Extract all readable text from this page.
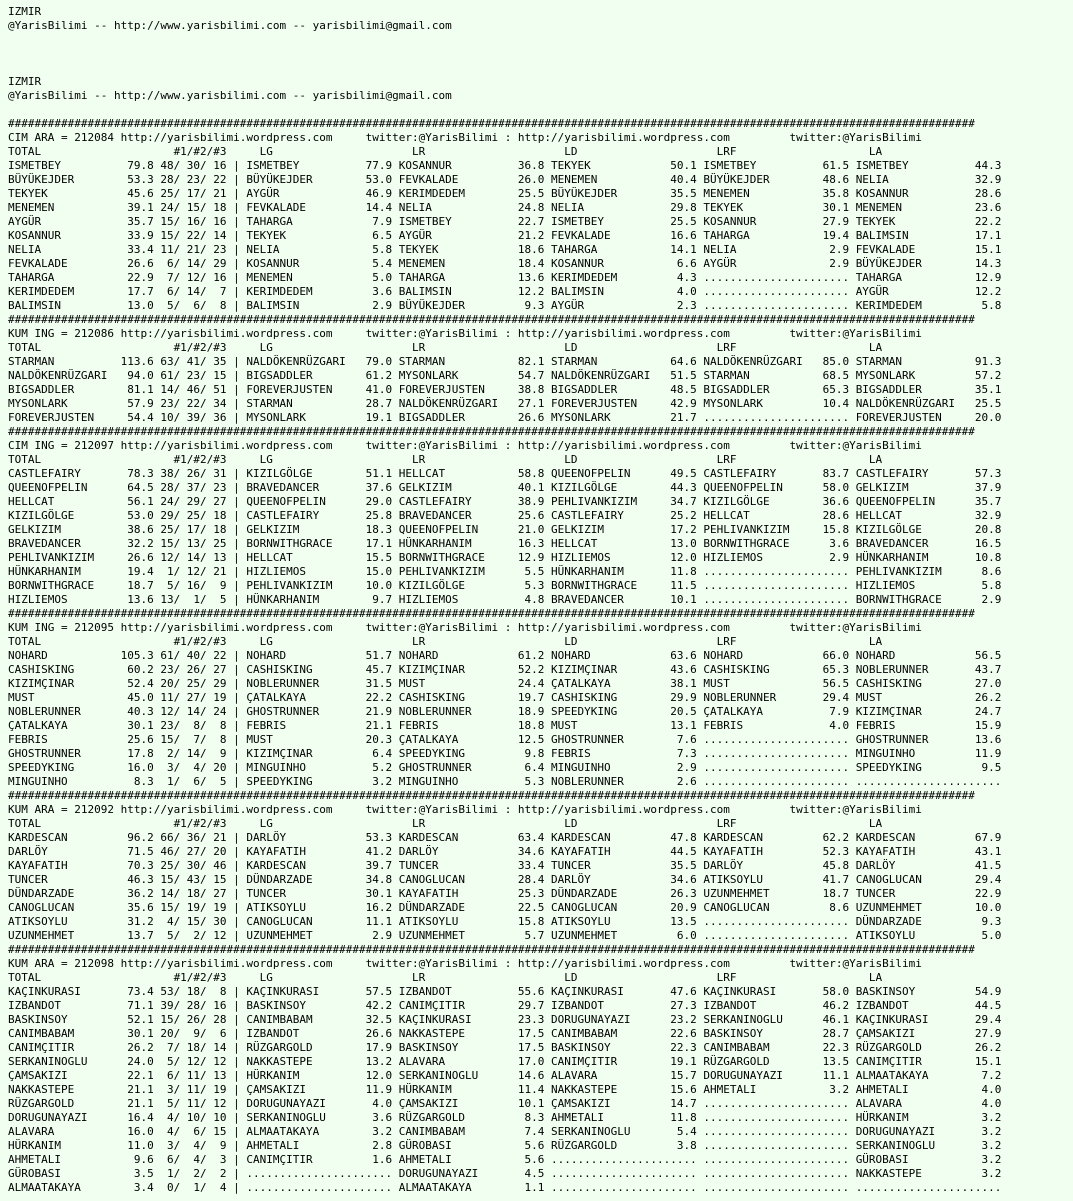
IZMIR
@YarisBilimi -- http://www.yarisbilimi.com -- yarisbilimi@gmail.com
IZMIR
@YarisBilimi -- http://www.yarisbilimi.com -- yarisbilimi@gmail.com
##################################################################################################################################################
CIM ARA = 212084 http://yarisbilimi.wordpress.com     twitter:@YarisBilimi : http://yarisbilimi.wordpress.com         twitter:@YarisBilimi
TOTAL                    #1/#2/#3     LG                     LR                     LD                     LRF                    LA
ISMETBEY          79.8 48/ 30/ 16 | ISMETBEY          77.9 KOSANNUR          36.8 TEKYEK            50.1 ISMETBEY          61.5 ISMETBEY          44.3
BÜYÜKEJDER        53.3 28/ 23/ 22 | BÜYÜKEJDER        53.0 FEVKALADE         26.0 MENEMEN           40.4 BÜYÜKEJDER        48.6 NELIA             32.9
TEKYEK            45.6 25/ 17/ 21 | AYGÜR             46.9 KERIMDEDEM        25.5 BÜYÜKEJDER        35.5 MENEMEN           35.8 KOSANNUR          28.6
MENEMEN           39.1 24/ 15/ 18 | FEVKALADE         14.4 NELIA             24.8 NELIA             29.8 TEKYEK            30.1 MENEMEN           23.6
AYGÜR             35.7 15/ 16/ 16 | TAHARGA            7.9 ISMETBEY          22.7 ISMETBEY          25.5 KOSANNUR          27.9 TEKYEK            22.2
KOSANNUR          33.9 15/ 22/ 14 | TEKYEK             6.5 AYGÜR             21.2 FEVKALADE         16.6 TAHARGA           19.4 BALIMSIN          17.1
NELIA             33.4 11/ 21/ 23 | NELIA              5.8 TEKYEK            18.6 TAHARGA           14.1 NELIA              2.9 FEVKALADE         15.1
FEVKALADE         26.6  6/ 14/ 29 | KOSANNUR           5.4 MENEMEN           18.4 KOSANNUR           6.6 AYGÜR              2.9 BÜYÜKEJDER        14.3
TAHARGA           22.9  7/ 12/ 16 | MENEMEN            5.0 TAHARGA           13.6 KERIMDEDEM         4.3 ...................... TAHARGA           12.9
KERIMDEDEM        17.7  6/ 14/  7 | KERIMDEDEM         3.6 BALIMSIN          12.2 BALIMSIN           4.0 ...................... AYGÜR             12.2
BALIMSIN          13.0  5/  6/  8 | BALIMSIN           2.9 BÜYÜKEJDER         9.3 AYGÜR              2.3 ...................... KERIMDEDEM         5.8
##################################################################################################################################################
KUM ING = 212086 http://yarisbilimi.wordpress.com     twitter:@YarisBilimi : http://yarisbilimi.wordpress.com         twitter:@YarisBilimi
TOTAL                    #1/#2/#3     LG                     LR                     LD                     LRF                    LA
STARMAN          113.6 63/ 41/ 35 | NALDÖKENRÜZGARI   79.0 STARMAN           82.1 STARMAN           64.6 NALDÖKENRÜZGARI   85.0 STARMAN           91.3
NALDÖKENRÜZGARI   94.0 61/ 23/ 15 | BIGSADDLER        61.2 MYSONLARK         54.7 NALDÖKENRÜZGARI   51.5 STARMAN           68.5 MYSONLARK         57.2
BIGSADDLER        81.1 14/ 46/ 51 | FOREVERJUSTEN     41.0 FOREVERJUSTEN     38.8 BIGSADDLER        48.5 BIGSADDLER        65.3 BIGSADDLER        35.1
MYSONLARK         57.9 23/ 22/ 34 | STARMAN           28.7 NALDÖKENRÜZGARI   27.1 FOREVERJUSTEN     42.9 MYSONLARK         10.4 NALDÖKENRÜZGARI   25.5
FOREVERJUSTEN     54.4 10/ 39/ 36 | MYSONLARK         19.1 BIGSADDLER        26.6 MYSONLARK         21.7 ...................... FOREVERJUSTEN     20.0
##################################################################################################################################################
CIM ING = 212097 http://yarisbilimi.wordpress.com     twitter:@YarisBilimi : http://yarisbilimi.wordpress.com         twitter:@YarisBilimi
TOTAL                    #1/#2/#3     LG                     LR                     LD                     LRF                    LA
CASTLEFAIRY       78.3 38/ 26/ 31 | KIZILGÖLGE        51.1 HELLCAT           58.8 QUEENOFPELIN      49.5 CASTLEFAIRY       83.7 CASTLEFAIRY       57.3
QUEENOFPELIN      64.5 28/ 37/ 23 | BRAVEDANCER       37.6 GELKIZIM          40.1 KIZILGÖLGE        44.3 QUEENOFPELIN      58.0 GELKIZIM          37.9
HELLCAT           56.1 24/ 29/ 27 | QUEENOFPELIN      29.0 CASTLEFAIRY       38.9 PEHLIVANKIZIM     34.7 KIZILGÖLGE        36.6 QUEENOFPELIN      35.7
KIZILGÖLGE        53.0 29/ 25/ 18 | CASTLEFAIRY       25.8 BRAVEDANCER       25.6 CASTLEFAIRY       25.2 HELLCAT           28.6 HELLCAT           32.9
GELKIZIM          38.6 25/ 17/ 18 | GELKIZIM          18.3 QUEENOFPELIN      21.0 GELKIZIM          17.2 PEHLIVANKIZIM     15.8 KIZILGÖLGE        20.8
BRAVEDANCER       32.2 15/ 13/ 25 | BORNWITHGRACE     17.1 HÜNKARHANIM       16.3 HELLCAT           13.0 BORNWITHGRACE      3.6 BRAVEDANCER       16.5
PEHLIVANKIZIM     26.6 12/ 14/ 13 | HELLCAT           15.5 BORNWITHGRACE     12.9 HIZLIEMOS         12.0 HIZLIEMOS          2.9 HÜNKARHANIM       10.8
HÜNKARHANIM       19.4  1/ 12/ 21 | HIZLIEMOS         15.0 PEHLIVANKIZIM      5.5 HÜNKARHANIM       11.8 ...................... PEHLIVANKIZIM      8.6
BORNWITHGRACE     18.7  5/ 16/  9 | PEHLIVANKIZIM     10.0 KIZILGÖLGE         5.3 BORNWITHGRACE     11.5 ...................... HIZLIEMOS          5.8
HIZLIEMOS         13.6 13/  1/  5 | HÜNKARHANIM        9.7 HIZLIEMOS          4.8 BRAVEDANCER       10.1 ...................... BORNWITHGRACE      2.9
##################################################################################################################################################
KUM ING = 212095 http://yarisbilimi.wordpress.com     twitter:@YarisBilimi : http://yarisbilimi.wordpress.com         twitter:@YarisBilimi
TOTAL                    #1/#2/#3     LG                     LR                     LD                     LRF                    LA
NOHARD           105.3 61/ 40/ 22 | NOHARD            51.7 NOHARD            61.2 NOHARD            63.6 NOHARD            66.0 NOHARD            56.5
CASHISKING        60.2 23/ 26/ 27 | CASHISKING        45.7 KIZIMÇINAR        52.2 KIZIMÇINAR        43.6 CASHISKING        65.3 NOBLERUNNER       43.7
KIZIMÇINAR        52.4 20/ 25/ 29 | NOBLERUNNER       31.5 MUST              24.4 ÇATALKAYA         38.1 MUST              56.5 CASHISKING        27.0
MUST              45.0 11/ 27/ 19 | ÇATALKAYA         22.2 CASHISKING        19.7 CASHISKING        29.9 NOBLERUNNER       29.4 MUST              26.2
NOBLERUNNER       40.3 12/ 14/ 24 | GHOSTRUNNER       21.9 NOBLERUNNER       18.9 SPEEDYKING        20.5 ÇATALKAYA          7.9 KIZIMÇINAR        24.7
ÇATALKAYA         30.1 23/  8/  8 | FEBRIS            21.1 FEBRIS            18.8 MUST              13.1 FEBRIS             4.0 FEBRIS            15.9
FEBRIS            25.6 15/  7/  8 | MUST              20.3 ÇATALKAYA         12.5 GHOSTRUNNER        7.6 ...................... GHOSTRUNNER       13.6
GHOSTRUNNER       17.8  2/ 14/  9 | KIZIMÇINAR         6.4 SPEEDYKING         9.8 FEBRIS             7.3 ...................... MINGUINHO         11.9
SPEEDYKING        16.0  3/  4/ 20 | MINGUINHO          5.2 GHOSTRUNNER        6.4 MINGUINHO          2.9 ...................... SPEEDYKING         9.5
MINGUINHO          8.3  1/  6/  5 | SPEEDYKING         3.2 MINGUINHO          5.3 NOBLERUNNER        2.6 ...................... ......................
##################################################################################################################################################
KUM ARA = 212092 http://yarisbilimi.wordpress.com     twitter:@YarisBilimi : http://yarisbilimi.wordpress.com         twitter:@YarisBilimi
TOTAL                    #1/#2/#3     LG                     LR                     LD                     LRF                    LA
KARDESCAN         96.2 66/ 36/ 21 | DARLÖY            53.3 KARDESCAN         63.4 KARDESCAN         47.8 KARDESCAN         62.2 KARDESCAN         67.9
DARLÖY            71.5 46/ 27/ 20 | KAYAFATIH         41.2 DARLÖY            34.6 KAYAFATIH         44.5 KAYAFATIH         52.3 KAYAFATIH         43.1
KAYAFATIH         70.3 25/ 30/ 46 | KARDESCAN         39.7 TUNCER            33.4 TUNCER            35.5 DARLÖY            45.8 DARLÖY            41.5
TUNCER            46.3 15/ 43/ 15 | DÜNDARZADE        34.8 CANOGLUCAN        28.4 DARLÖY            34.6 ATIKSOYLU         41.7 CANOGLUCAN        29.4
DÜNDARZADE        36.2 14/ 18/ 27 | TUNCER            30.1 KAYAFATIH         25.3 DÜNDARZADE        26.3 UZUNMEHMET        18.7 TUNCER            22.9
CANOGLUCAN        35.6 15/ 19/ 19 | ATIKSOYLU         16.2 DÜNDARZADE        22.5 CANOGLUCAN        20.9 CANOGLUCAN         8.6 UZUNMEHMET        10.0
ATIKSOYLU         31.2  4/ 15/ 30 | CANOGLUCAN        11.1 ATIKSOYLU         15.8 ATIKSOYLU         13.5 ...................... DÜNDARZADE         9.3
UZUNMEHMET        13.7  5/  2/ 12 | UZUNMEHMET         2.9 UZUNMEHMET         5.7 UZUNMEHMET         6.0 ...................... ATIKSOYLU          5.0
##################################################################################################################################################
KUM ARA = 212098 http://yarisbilimi.wordpress.com     twitter:@YarisBilimi : http://yarisbilimi.wordpress.com         twitter:@YarisBilimi
TOTAL                    #1/#2/#3     LG                     LR                     LD                     LRF                    LA
KAÇINKURASI       73.4 53/ 18/  8 | KAÇINKURASI       57.5 IZBANDOT          55.6 KAÇINKURASI       47.6 KAÇINKURASI       58.0 BASKINSOY         54.9
IZBANDOT          71.1 39/ 28/ 16 | BASKINSOY         42.2 CANIMÇITIR        29.7 IZBANDOT          27.3 IZBANDOT          46.2 IZBANDOT          44.5
BASKINSOY         52.1 15/ 26/ 28 | CANIMBABAM        32.5 KAÇINKURASI       23.3 DORUGUNAYAZI      23.2 SERKANINOGLU      46.1 KAÇINKURASI       29.4
CANIMBABAM        30.1 20/  9/  6 | IZBANDOT          26.6 NAKKASTEPE        17.5 CANIMBABAM        22.6 BASKINSOY         28.7 ÇAMSAKIZI         27.9
CANIMÇITIR        26.2  7/ 18/ 14 | RÜZGARGOLD        17.9 BASKINSOY         17.5 BASKINSOY         22.3 CANIMBABAM        22.3 RÜZGARGOLD        26.2
SERKANINOGLU      24.0  5/ 12/ 12 | NAKKASTEPE        13.2 ALAVARA           17.0 CANIMÇITIR        19.1 RÜZGARGOLD        13.5 CANIMÇITIR        15.1
ÇAMSAKIZI         22.1  6/ 11/ 13 | HÜRKANIM          12.0 SERKANINOGLU      14.6 ALAVARA           15.7 DORUGUNAYAZI      11.1 ALMAATAKAYA        7.2
NAKKASTEPE        21.1  3/ 11/ 19 | ÇAMSAKIZI         11.9 HÜRKANIM          11.4 NAKKASTEPE        15.6 AHMETALI           3.2 AHMETALI           4.0
RÜZGARGOLD        21.1  5/ 11/ 12 | DORUGUNAYAZI       4.0 ÇAMSAKIZI         10.1 ÇAMSAKIZI         14.7 ...................... ALAVARA            4.0
DORUGUNAYAZI      16.4  4/ 10/ 10 | SERKANINOGLU       3.6 RÜZGARGOLD         8.3 AHMETALI          11.8 ...................... HÜRKANIM           3.2
ALAVARA           16.0  4/  6/ 15 | ALMAATAKAYA        3.2 CANIMBABAM         7.4 SERKANINOGLU       5.4 ...................... DORUGUNAYAZI       3.2
HÜRKANIM          11.0  3/  4/  9 | AHMETALI           2.8 GÜROBASI           5.6 RÜZGARGOLD         3.8 ...................... SERKANINOGLU       3.2
AHMETALI           9.6  6/  4/  3 | CANIMÇITIR         1.6 AHMETALI           5.6 ...................... ...................... GÜROBASI           3.2
GÜROBASI           3.5  1/  2/  2 | ...................... DORUGUNAYAZI       4.5 ...................... ...................... NAKKASTEPE         3.2
ALMAATAKAYA        3.4  0/  1/  4 | ...................... ALMAATAKAYA        1.1 ...................... ...................... ......................
